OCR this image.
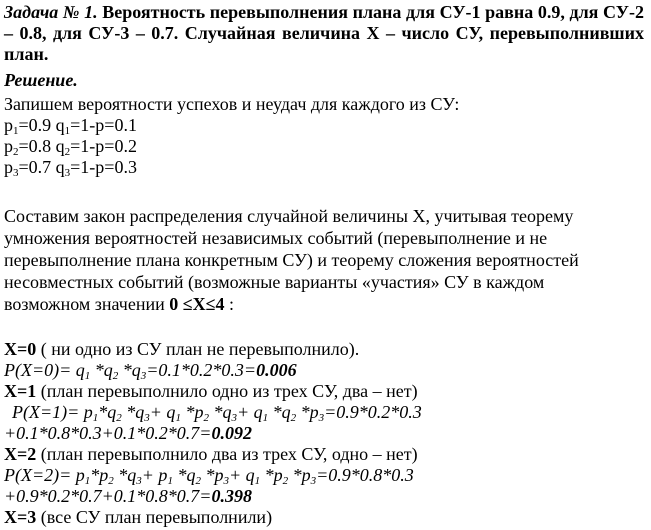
Задача № 1. Вероятность перевыполнения плана для СУ-1 равна 0.9, для СУ-2 – 0.8, для СУ-3 – 0.7. Случайная величина X – число СУ, перевыполнивших план.

Решение.

Запишем вероятности успехов и неудач для каждого из СУ:
$p_1=0.9$ $q_1=1-p=0.1$
$p_2=0.8$ $q_2=1-p=0.2$
$p_3=0.7$ $q_3=1-p=0.3$
Составим закон распределения случайной величины X, учитывая теорему
умножения вероятностей независимых событий (перевыполнение и не
перевыполнение плана конкретным СУ) и теорему сложения вероятностей
несовместных событий (возможные варианты «участия» СУ в каждом
возможном значении 0 ≤X≤4 :
X=0 ( ни одно из СУ план не перевыполнило).
$P(X=0)= q_1$ $*q_2$ $*q_3=0.1*0.2*0.3=0.006$
X=1 (план перевыполнило одно из трех СУ, два – нет)
$P(X=1)= p_1*q_2$ $*q_3+ q_1$ $*p_2$ $*q_3+ q_1$ $*q_2$ $*p_3=0.9*0.2*0.3$
+0.1*0.8*0.3+0.1*0.2*0.7=0.092
X=2 (план перевыполнило два из трех СУ, одно – нет)
$P(X=2)= p_1*p_2$ $*q_3+ p_1$ $*q_2$ $*p_3+ q_1$ $*p_2$ $*p_3=0.9*0.8*0.3$
+0.9*0.2*0.7+0.1*0.8*0.7=0.398
X=3 (все СУ план перевыполнили)
